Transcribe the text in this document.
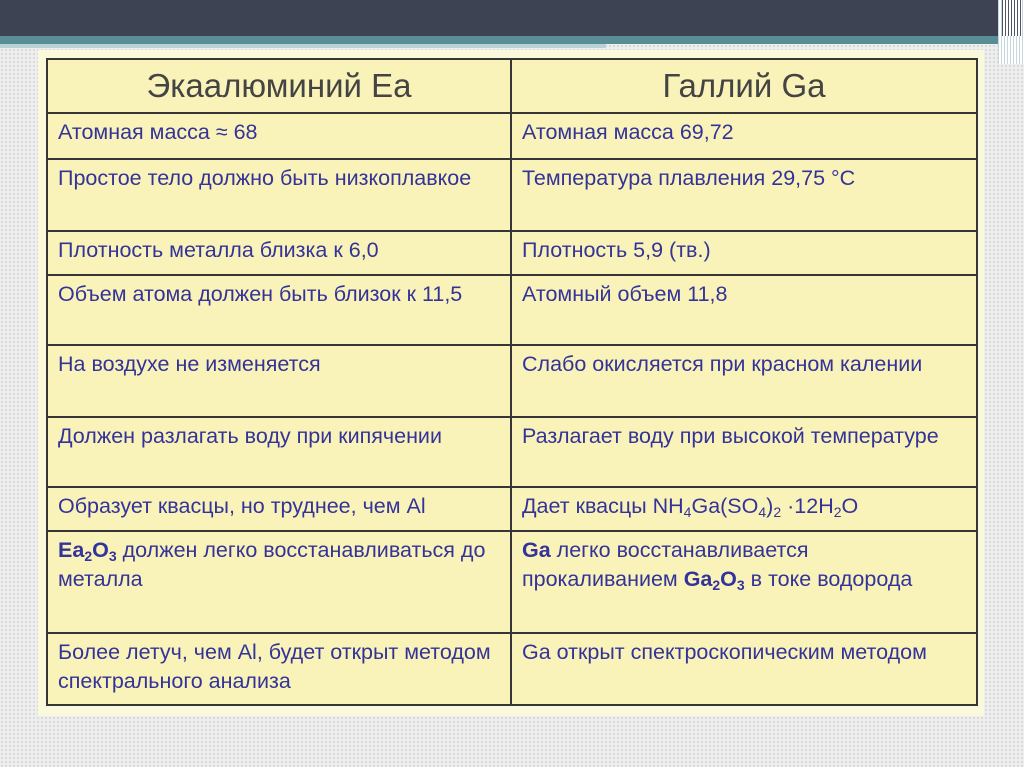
Экаалюминий Ea	Галлий Ga
Атомная масса ≈ 68	Атомная масса 69,72
Простое тело должно быть низкоплавкое	Температура плавления 29,75 °C
Плотность металла близка к 6,0	Плотность 5,9 (тв.)
Объем атома должен быть близок к 11,5	Атомный объем 11,8
На воздухе не изменяется	Слабо окисляется при красном калении
Должен разлагать воду при кипячении	Разлагает воду при высокой температуре
Образует квасцы, но труднее, чем Al	Дает квасцы $NH_4Ga(SO_4)_2 \cdot 12H_2O$
$Ea_2O_3$ должен легко восстанавливаться до металла	Ga легко восстанавливается прокаливанием $Ga_2O_3$ в токе водорода
Более летуч, чем Al, будет открыт методом спектрального анализа	Ga открыт спектроскопическим методом
